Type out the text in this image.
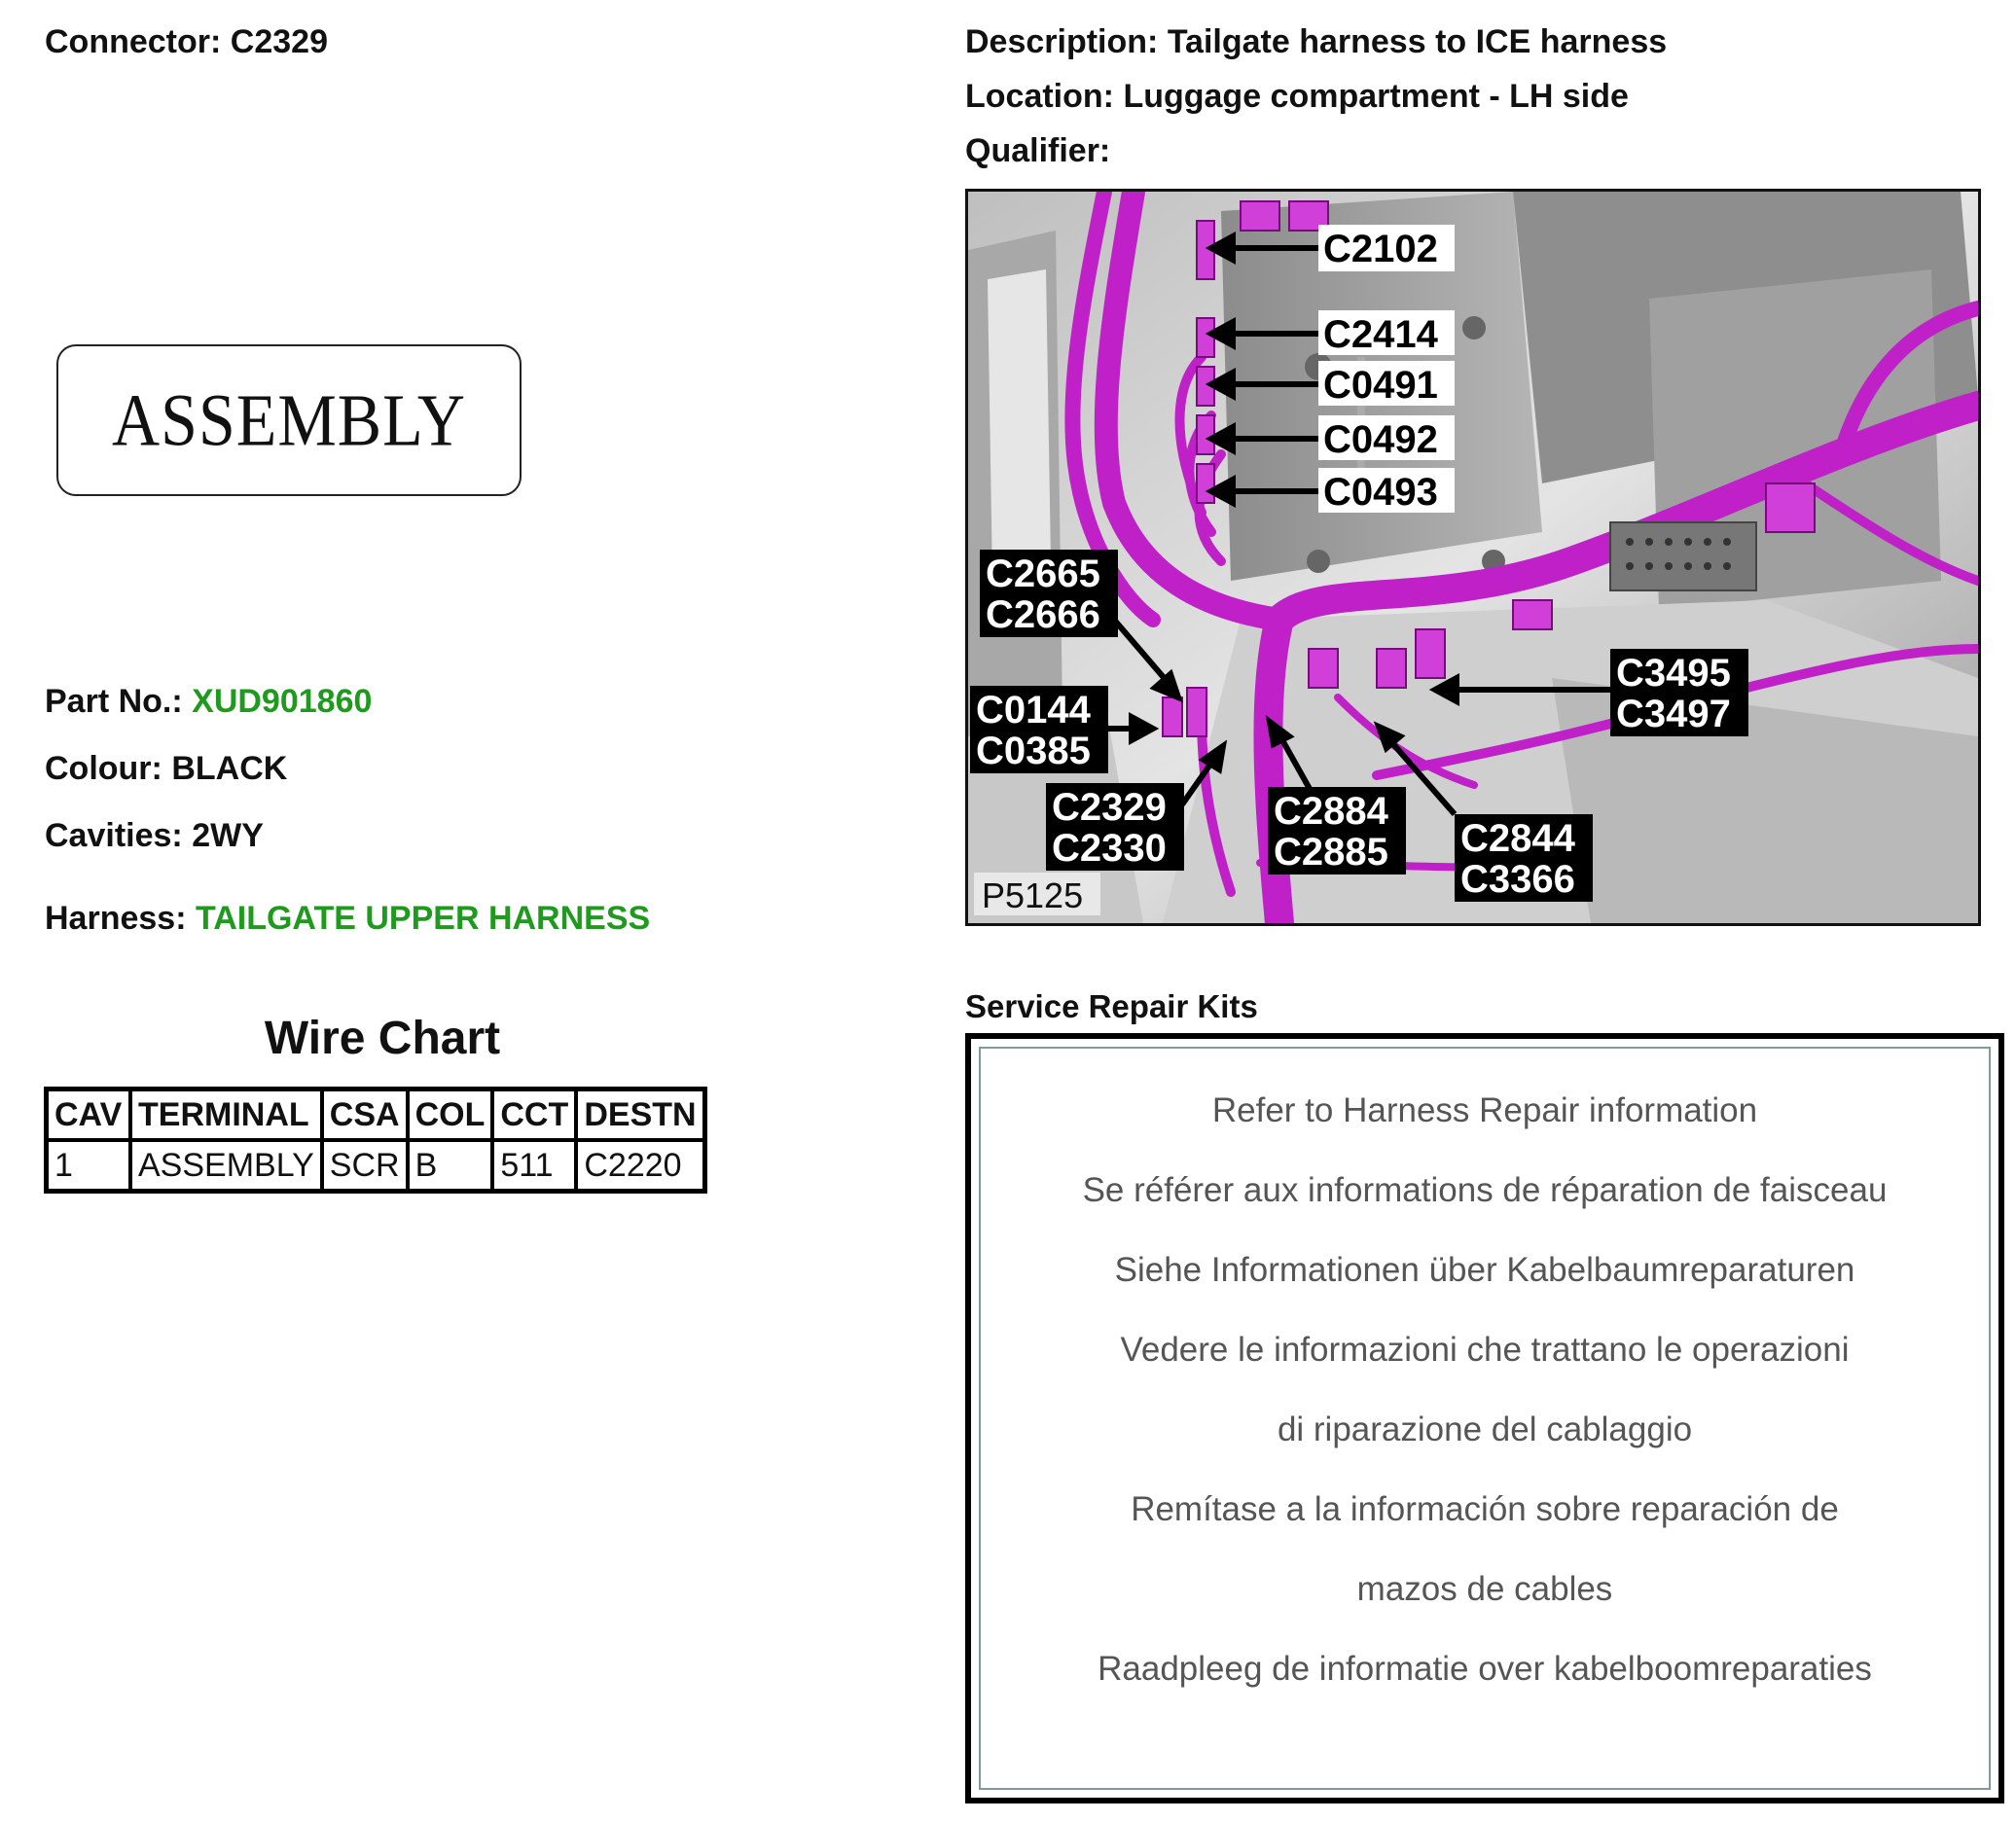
Connector: C2329	Description: Tailgate harness to ICE harness
Location: Luggage compartment - LH side
Qualifier:
ASSEMBLY
Part No.: XUD901860
Colour: BLACK
Cavities: 2WY
Harness: TAILGATE UPPER HARNESS
Wire Chart
CAV	TERMINAL	CSA	COL	CCT	DESTN
1	ASSEMBLY	SCR	B	511	C2220
C2102
C2414
C0491
C0492
C0493
C2665
C2666
C0144
C0385
C2329
C2330
C2884
C2885 C2844
C3366
C3495
C3497
P5125
Service Repair Kits
Refer to Harness Repair information
Se référer aux informations de réparation de faisceau
Siehe Informationen über Kabelbaumreparaturen
Vedere le informazioni che trattano le operazioni
di riparazione del cablaggio
Remítase a la información sobre reparación de
mazos de cables
Raadpleeg de informatie over kabelboomreparaties
